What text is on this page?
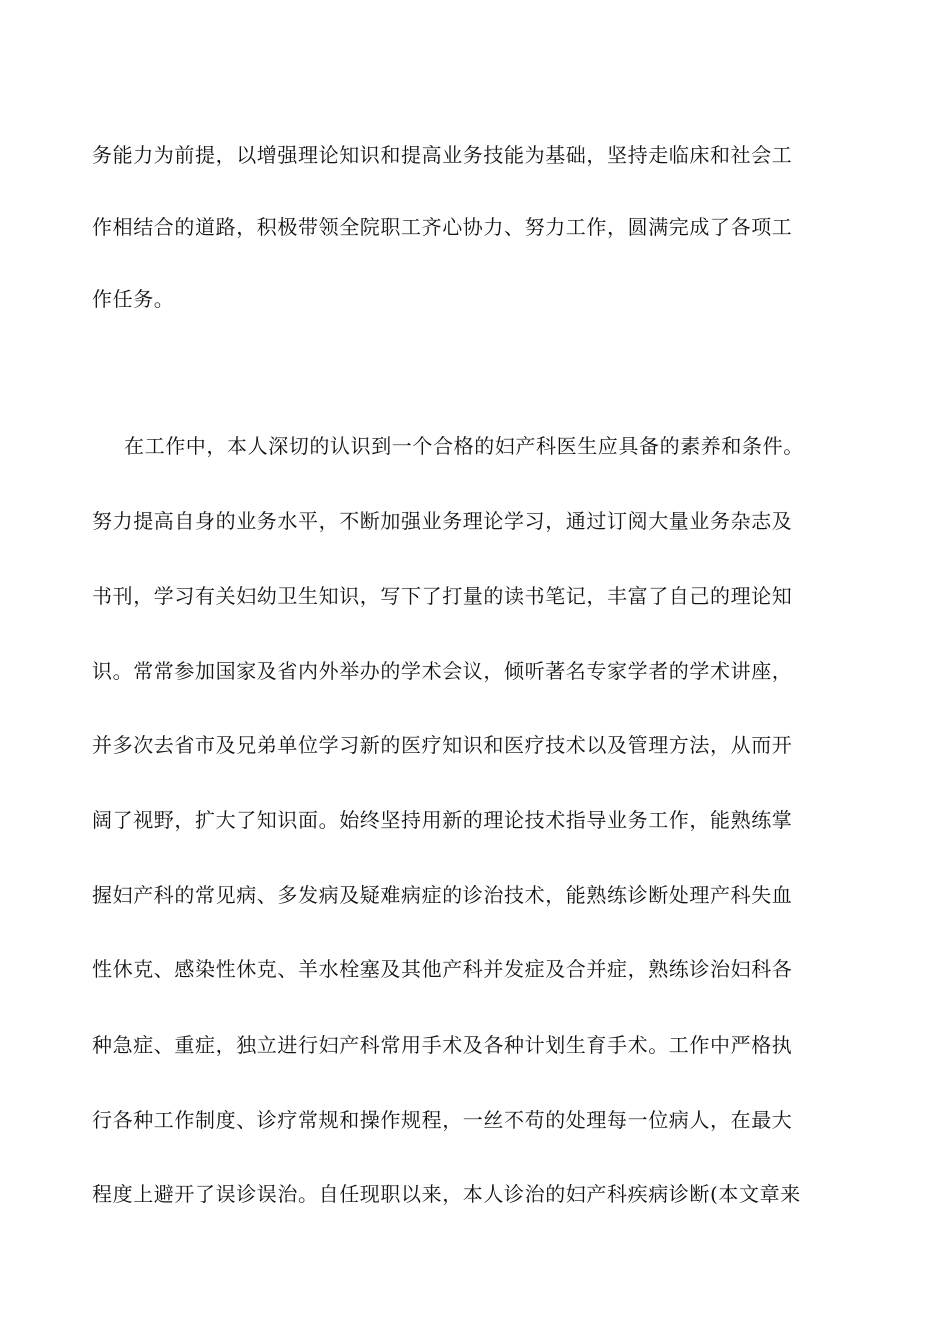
务能力为前提，以增强理论知识和提高业务技能为基础，坚持走临床和社会工
作相结合的道路，积极带领全院职工齐心协力、努力工作，圆满完成了各项工
作任务。
在工作中，本人深切的认识到一个合格的妇产科医生应具备的素养和条件。
努力提高自身的业务水平，不断加强业务理论学习，通过订阅大量业务杂志及
书刊，学习有关妇幼卫生知识，写下了打量的读书笔记，丰富了自己的理论知
识。常常参加国家及省内外举办的学术会议，倾听著名专家学者的学术讲座，
并多次去省市及兄弟单位学习新的医疗知识和医疗技术以及管理方法，从而开
阔了视野，扩大了知识面。始终坚持用新的理论技术指导业务工作，能熟练掌
握妇产科的常见病、多发病及疑难病症的诊治技术，能熟练诊断处理产科失血
性休克、感染性休克、羊水栓塞及其他产科并发症及合并症，熟练诊治妇科各
种急症、重症，独立进行妇产科常用手术及各种计划生育手术。工作中严格执
行各种工作制度、诊疗常规和操作规程，一丝不苟的处理每一位病人，在最大
程度上避开了误诊误治。自任现职以来，本人诊治的妇产科疾病诊断(本文章来
